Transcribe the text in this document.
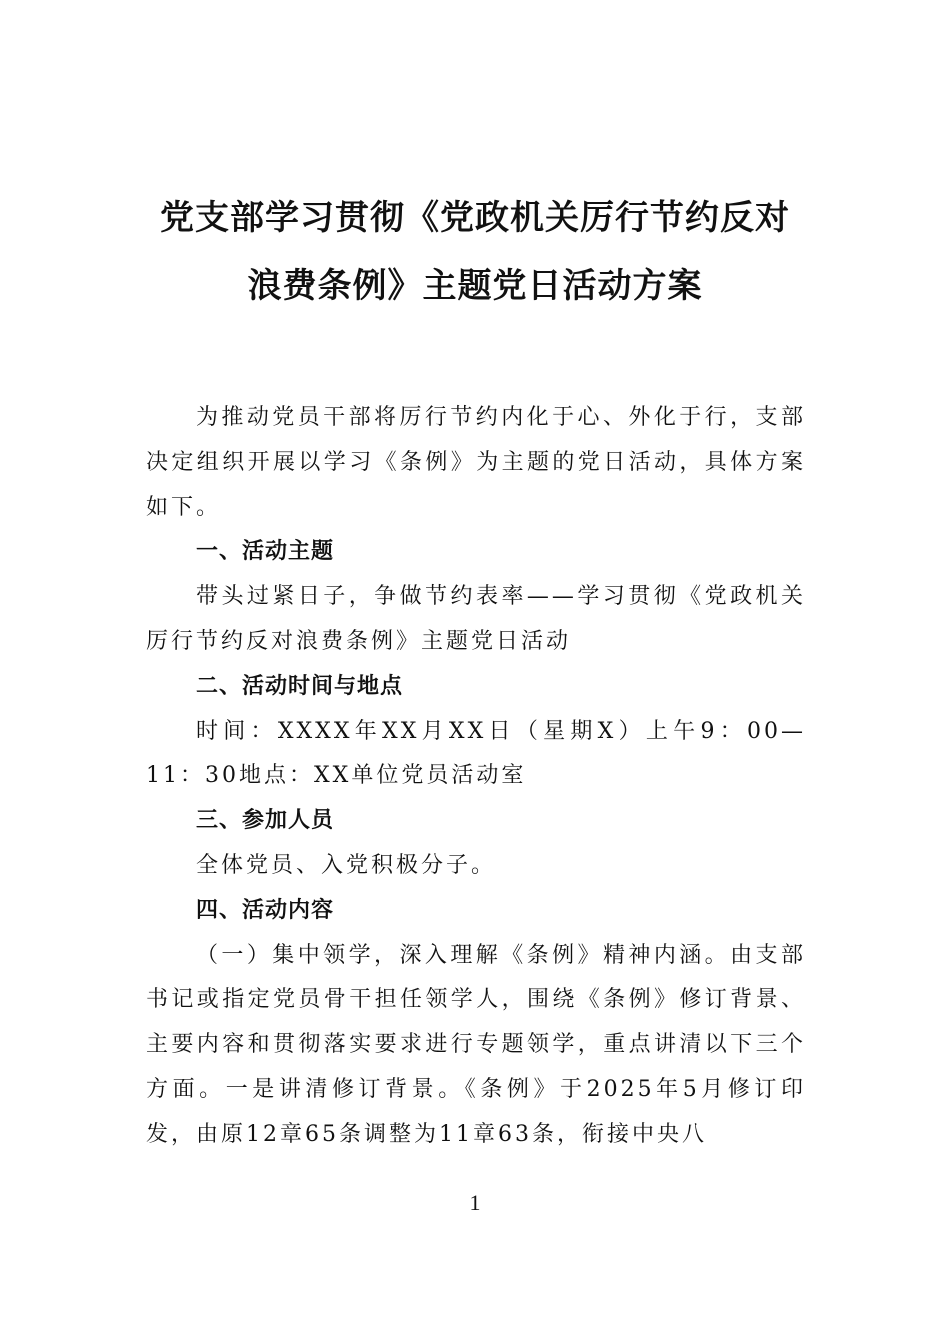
党支部学习贯彻《党政机关厉行节约反对
浪费条例》主题党日活动方案

为推动党员干部将厉行节约内化于心、外化于行，支部决定组织开展以学习《条例》为主题的党日活动，具体方案如下。

一、活动主题

带头过紧日子，争做节约表率——学习贯彻《党政机关厉行节约反对浪费条例》主题党日活动

二、活动时间与地点

时间：XXXX年XX月XX日（星期X）上午9：00—11：30地点：XX单位党员活动室

三、参加人员

全体党员、入党积极分子。

四、活动内容

（一）集中领学，深入理解《条例》精神内涵。由支部书记或指定党员骨干担任领学人，围绕《条例》修订背景、主要内容和贯彻落实要求进行专题领学，重点讲清以下三个方面。一是讲清修订背景。《条例》于2025年5月修订印发，由原12章65条调整为11章63条，衔接中央八

1
